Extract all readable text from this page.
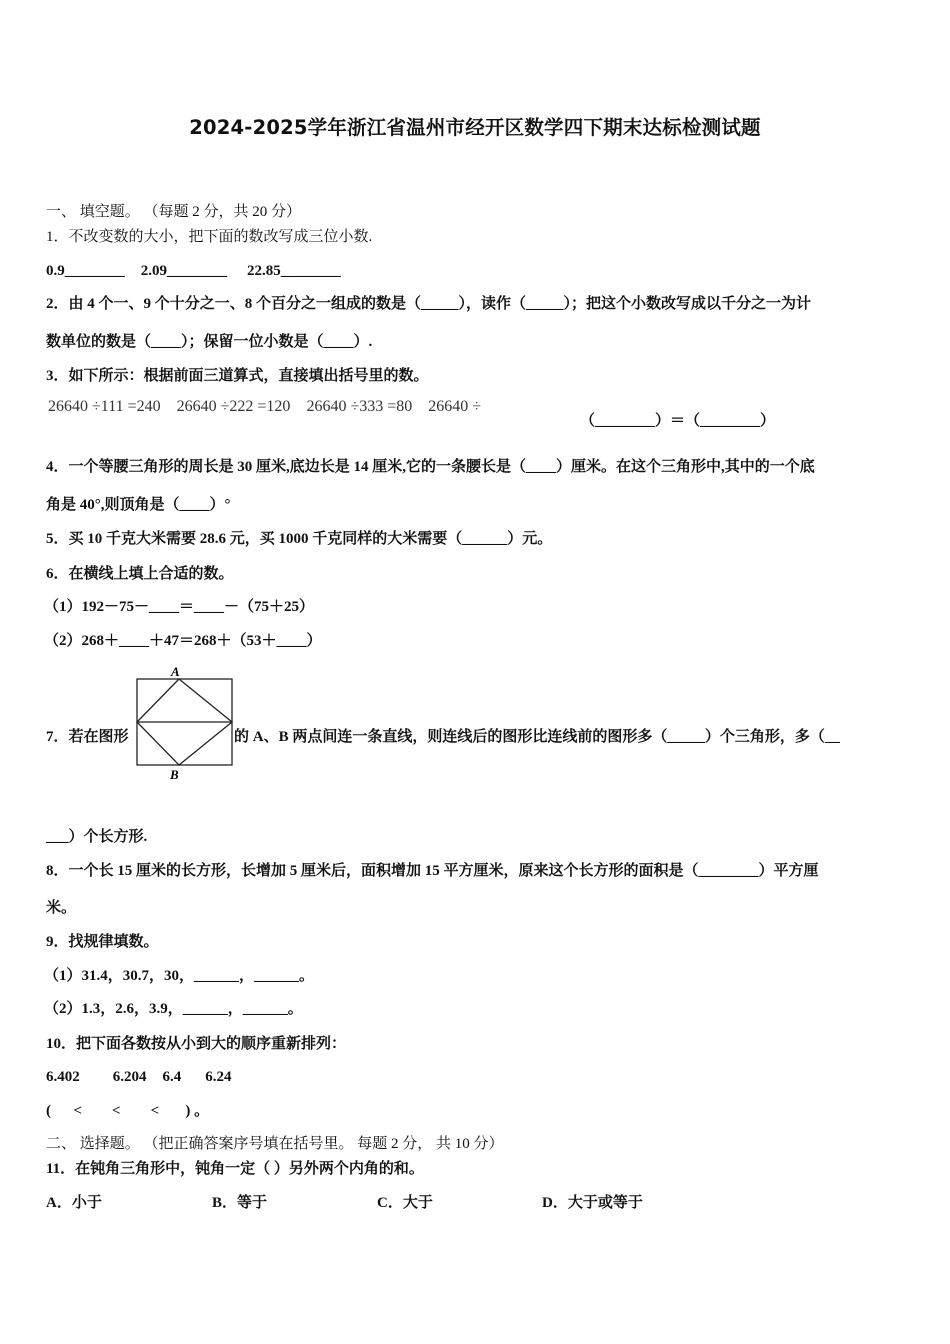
2024-2025学年浙江省温州市经开区数学四下期末达标检测试题
一、 填空题。 （每题 2 分，共 20 分）
1．不改变数的大小，把下面的数改写成三位小数.
0.9________ 2.09________ 22.85________
2．由 4 个一、9 个十分之一、8 个百分之一组成的数是（_____），读作（_____）；把这个小数改写成以千分之一为计
数单位的数是（____）；保留一位小数是（____）.
3．如下所示：根据前面三道算式，直接填出括号里的数。
26640 ÷111 =240 26640 ÷222 =120 26640 ÷333 =80 26640 ÷
（________）＝（________）
4．一个等腰三角形的周长是 30 厘米,底边长是 14 厘米,它的一条腰长是（____）厘米。在这个三角形中,其中的一个底
角是 40°,则顶角是（____）°
5．买 10 千克大米需要 28.6 元，买 1000 千克同样的大米需要（______）元。
6．在横线上填上合适的数。
（1）192－75－____＝____－（75＋25）
（2）268＋____＋47＝268＋（53＋____）
A
B
7．若在图形	的 A、B 两点间连一条直线，则连线后的图形比连线前的图形多（_____）个三角形，多（__
___）个长方形.
8．一个长 15 厘米的长方形，长增加 5 厘米后，面积增加 15 平方厘米，原来这个长方形的面积是（________）平方厘
米。
9．找规律填数。
（1）31.4，30.7，30，______，______。
（2）1.3，2.6，3.9，______，______。
10．把下面各数按从小到大的顺序重新排列：
6.402 6.204 6.4 6.24
(      <        <        <       ) 。
二、 选择题。 （把正确答案序号填在括号里。 每题 2 分， 共 10 分）
11．在钝角三角形中，钝角一定（ ）另外两个内角的和。
A．小于	B．等于	C．大于	D．大于或等于
